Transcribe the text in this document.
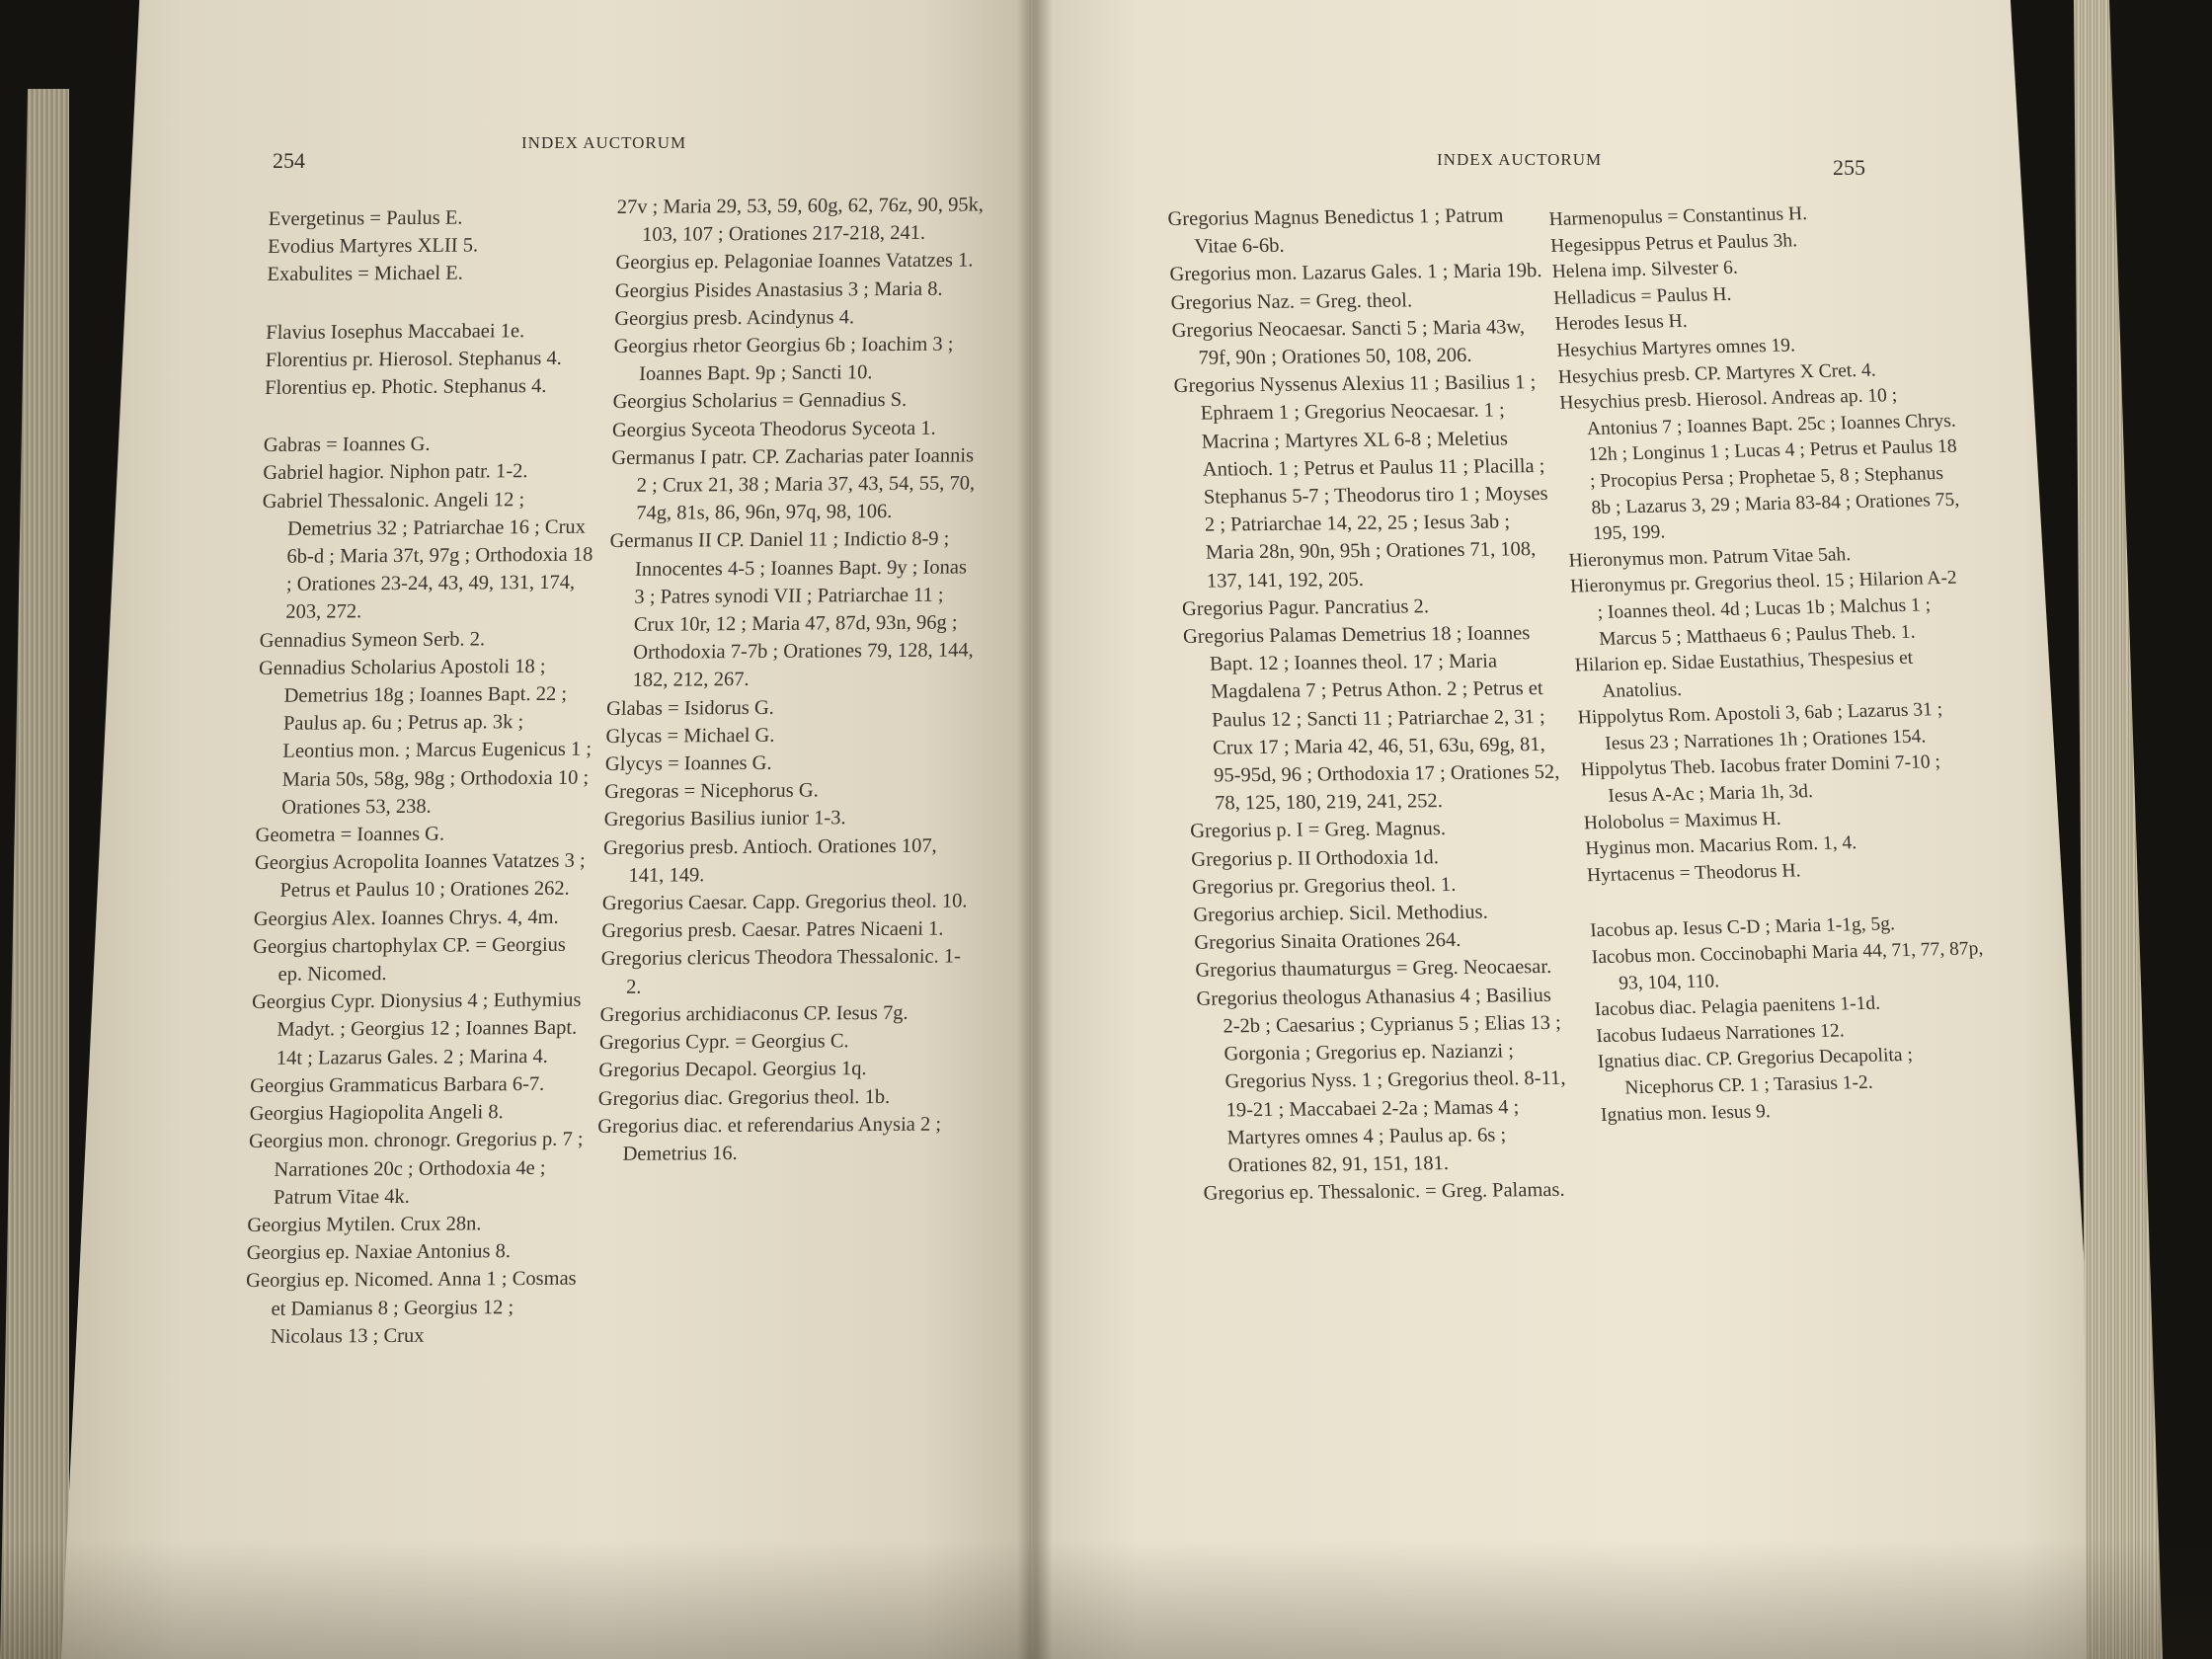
254
INDEX AUCTORUM
INDEX AUCTORUM	255

Evergetinus = Paulus E.

Evodius Martyres XLII 5.

Exabulites = Michael E.

Flavius Iosephus Maccabaei 1e.

Florentius pr. Hierosol. Stephanus 4.

Florentius ep. Photic. Stephanus 4.

Gabras = Ioannes G.

Gabriel hagior. Niphon patr. 1-2.

Gabriel Thessalonic. Angeli 12 ; Demetrius 32 ; Patriarchae 16 ; Crux 6b-d ; Maria 37t, 97g ; Orthodoxia 18 ; Orationes 23-24, 43, 49, 131, 174, 203, 272.

Gennadius Symeon Serb. 2.

Gennadius Scholarius Apostoli 18 ; Demetrius 18g ; Ioannes Bapt. 22 ; Paulus ap. 6u ; Petrus ap. 3k ; Leontius mon. ; Marcus Eugenicus 1 ; Maria 50s, 58g, 98g ; Orthodoxia 10 ; Orationes 53, 238.

Geometra = Ioannes G.

Georgius Acropolita Ioannes Vatatzes 3 ; Petrus et Paulus 10 ; Orationes 262.

Georgius Alex. Ioannes Chrys. 4, 4m.

Georgius chartophylax CP. = Georgius ep. Nicomed.

Georgius Cypr. Dionysius 4 ; Euthymius Madyt. ; Georgius 12 ; Ioannes Bapt. 14t ; Lazarus Gales. 2 ; Marina 4.

Georgius Grammaticus Barbara 6-7.

Georgius Hagiopolita Angeli 8.

Georgius mon. chronogr. Gregorius p. 7 ; Narrationes 20c ; Orthodoxia 4e ; Patrum Vitae 4k.

Georgius Mytilen. Crux 28n.

Georgius ep. Naxiae Antonius 8.

Georgius ep. Nicomed. Anna 1 ; Cosmas et Damianus 8 ; Georgius 12 ; Nicolaus 13 ; Crux

27v ; Maria 29, 53, 59, 60g, 62, 76z, 90, 95k, 103, 107 ; Orationes 217-218, 241.

Georgius ep. Pelagoniae Ioannes Vatatzes 1.

Georgius Pisides Anastasius 3 ; Maria 8.

Georgius presb. Acindynus 4.

Georgius rhetor Georgius 6b ; Ioachim 3 ; Ioannes Bapt. 9p ; Sancti 10.

Georgius Scholarius = Gennadius S.

Georgius Syceota Theodorus Syceota 1.

Germanus I patr. CP. Zacharias pater Ioannis 2 ; Crux 21, 38 ; Maria 37, 43, 54, 55, 70, 74g, 81s, 86, 96n, 97q, 98, 106.

Germanus II CP. Daniel 11 ; Indictio 8-9 ; Innocentes 4-5 ; Ioannes Bapt. 9y ; Ionas 3 ; Patres synodi VII ; Patriarchae 11 ; Crux 10r, 12 ; Maria 47, 87d, 93n, 96g ; Orthodoxia 7-7b ; Orationes 79, 128, 144, 182, 212, 267.

Glabas = Isidorus G.

Glycas = Michael G.

Glycys = Ioannes G.

Gregoras = Nicephorus G.

Gregorius Basilius iunior 1-3.

Gregorius presb. Antioch. Orationes 107, 141, 149.

Gregorius Caesar. Capp. Gregorius theol. 10.

Gregorius presb. Caesar. Patres Nicaeni 1.

Gregorius clericus Theodora Thessalonic. 1-2.

Gregorius archidiaconus CP. Iesus 7g.

Gregorius Cypr. = Georgius C.

Gregorius Decapol. Georgius 1q.

Gregorius diac. Gregorius theol. 1b.

Gregorius diac. et referendarius Anysia 2 ; Demetrius 16.

Gregorius Magnus Benedictus 1 ; Patrum Vitae 6-6b.

Gregorius mon. Lazarus Gales. 1 ; Maria 19b.

Gregorius Naz. = Greg. theol.

Gregorius Neocaesar. Sancti 5 ; Maria 43w, 79f, 90n ; Orationes 50, 108, 206.

Gregorius Nyssenus Alexius 11 ; Basilius 1 ; Ephraem 1 ; Gregorius Neocaesar. 1 ; Macrina ; Martyres XL 6-8 ; Meletius Antioch. 1 ; Petrus et Paulus 11 ; Placilla ; Stephanus 5-7 ; Theodorus tiro 1 ; Moyses 2 ; Patriarchae 14, 22, 25 ; Iesus 3ab ; Maria 28n, 90n, 95h ; Orationes 71, 108, 137, 141, 192, 205.

Gregorius Pagur. Pancratius 2.

Gregorius Palamas Demetrius 18 ; Ioannes Bapt. 12 ; Ioannes theol. 17 ; Maria Magdalena 7 ; Petrus Athon. 2 ; Petrus et Paulus 12 ; Sancti 11 ; Patriarchae 2, 31 ; Crux 17 ; Maria 42, 46, 51, 63u, 69g, 81, 95-95d, 96 ; Orthodoxia 17 ; Orationes 52, 78, 125, 180, 219, 241, 252.

Gregorius p. I = Greg. Magnus.

Gregorius p. II Orthodoxia 1d.

Gregorius pr. Gregorius theol. 1.

Gregorius archiep. Sicil. Methodius.

Gregorius Sinaita Orationes 264.

Gregorius thaumaturgus = Greg. Neocaesar.

Gregorius theologus Athanasius 4 ; Basilius 2-2b ; Caesarius ; Cyprianus 5 ; Elias 13 ; Gorgonia ; Gregorius ep. Nazianzi ; Gregorius Nyss. 1 ; Gregorius theol. 8-11, 19-21 ; Maccabaei 2-2a ; Mamas 4 ; Martyres omnes 4 ; Paulus ap. 6s ; Orationes 82, 91, 151, 181.

Gregorius ep. Thessalonic. = Greg. Palamas.

Harmenopulus = Constantinus H.

Hegesippus Petrus et Paulus 3h.

Helena imp. Silvester 6.

Helladicus = Paulus H.

Herodes Iesus H.

Hesychius Martyres omnes 19.

Hesychius presb. CP. Martyres X Cret. 4.

Hesychius presb. Hierosol. Andreas ap. 10 ; Antonius 7 ; Ioannes Bapt. 25c ; Ioannes Chrys. 12h ; Longinus 1 ; Lucas 4 ; Petrus et Paulus 18 ; Procopius Persa ; Prophetae 5, 8 ; Stephanus 8b ; Lazarus 3, 29 ; Maria 83-84 ; Orationes 75, 195, 199.

Hieronymus mon. Patrum Vitae 5ah.

Hieronymus pr. Gregorius theol. 15 ; Hilarion A-2 ; Ioannes theol. 4d ; Lucas 1b ; Malchus 1 ; Marcus 5 ; Matthaeus 6 ; Paulus Theb. 1.

Hilarion ep. Sidae Eustathius, Thespesius et Anatolius.

Hippolytus Rom. Apostoli 3, 6ab ; Lazarus 31 ; Iesus 23 ; Narrationes 1h ; Orationes 154.

Hippolytus Theb. Iacobus frater Domini 7-10 ; Iesus A-Ac ; Maria 1h, 3d.

Holobolus = Maximus H.

Hyginus mon. Macarius Rom. 1, 4.

Hyrtacenus = Theodorus H.

Iacobus ap. Iesus C-D ; Maria 1-1g, 5g.

Iacobus mon. Coccinobaphi Maria 44, 71, 77, 87p, 93, 104, 110.

Iacobus diac. Pelagia paenitens 1-1d.

Iacobus Iudaeus Narrationes 12.

Ignatius diac. CP. Gregorius Decapolita ; Nicephorus CP. 1 ; Tarasius 1-2.

Ignatius mon. Iesus 9.
